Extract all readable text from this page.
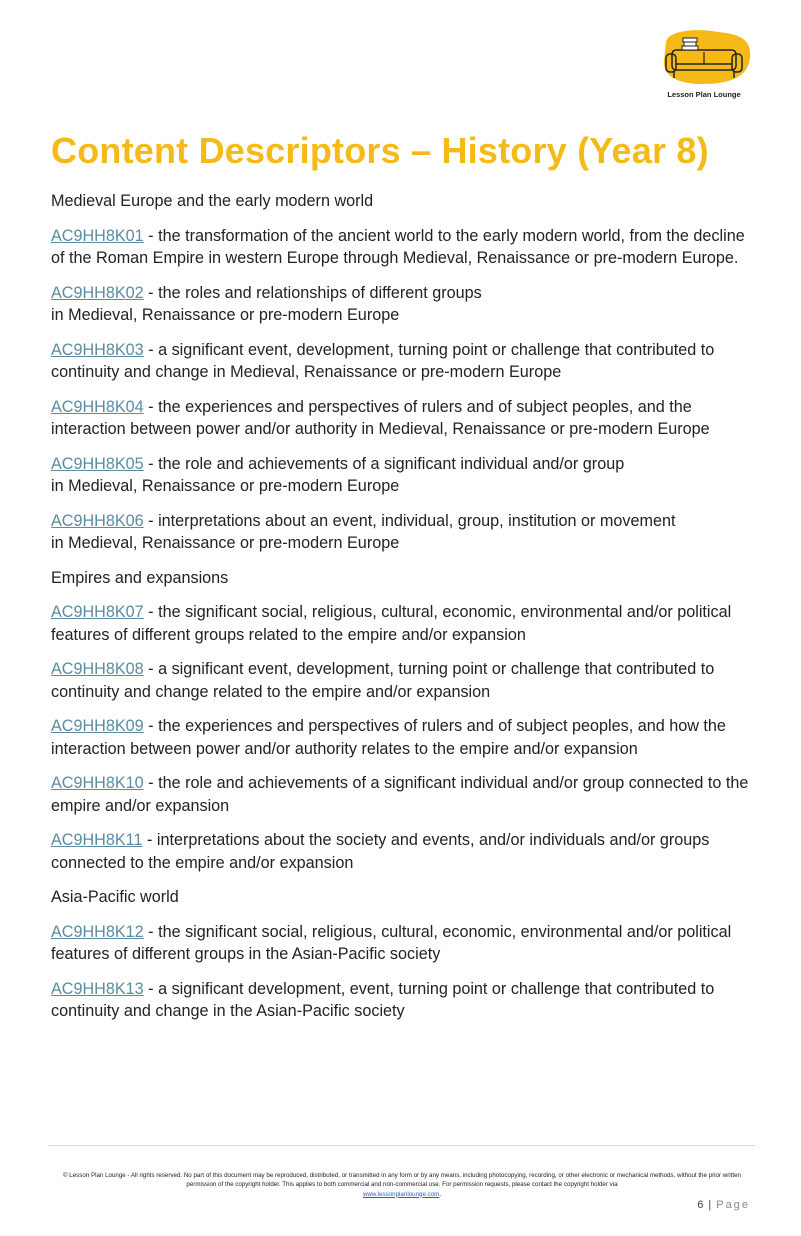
Lesson Plan Lounge
Content Descriptors – History (Year 8)

Medieval Europe and the early modern world

AC9HH8K01 - the transformation of the ancient world to the early modern world, from the decline of the Roman Empire in western Europe through Medieval, Renaissance or pre-modern Europe.

AC9HH8K02 - the roles and relationships of different groups
in Medieval, Renaissance or pre-modern Europe

AC9HH8K03 - a significant event, development, turning point or challenge that contributed to continuity and change in Medieval, Renaissance or pre-modern Europe

AC9HH8K04 - the experiences and perspectives of rulers and of subject peoples, and the interaction between power and/or authority in Medieval, Renaissance or pre-modern Europe

AC9HH8K05 - the role and achievements of a significant individual and/or group
in Medieval, Renaissance or pre-modern Europe

AC9HH8K06 - interpretations about an event, individual, group, institution or movement
in Medieval, Renaissance or pre-modern Europe

Empires and expansions

AC9HH8K07 - the significant social, religious, cultural, economic, environmental and/or political features of different groups related to the empire and/or expansion

AC9HH8K08 - a significant event, development, turning point or challenge that contributed to continuity and change related to the empire and/or expansion

AC9HH8K09 - the experiences and perspectives of rulers and of subject peoples, and how the interaction between power and/or authority relates to the empire and/or expansion

AC9HH8K10 - the role and achievements of a significant individual and/or group connected to the empire and/or expansion

AC9HH8K11 - interpretations about the society and events, and/or individuals and/or groups connected to the empire and/or expansion

Asia-Pacific world

AC9HH8K12 - the significant social, religious, cultural, economic, environmental and/or political features of different groups in the Asian-Pacific society

AC9HH8K13 - a significant development, event, turning point or challenge that contributed to continuity and change in the Asian-Pacific society

© Lesson Plan Lounge - All rights reserved. No part of this document may be reproduced, distributed, or transmitted in any form or by any means, including photocopying, recording, or other electronic or mechanical methods, without the prior written permission of the copyright holder. This applies to both commercial and non-commercial use. For permission requests, please contact the copyright holder via
www.lessonplanlounge.com.
6 | Page
